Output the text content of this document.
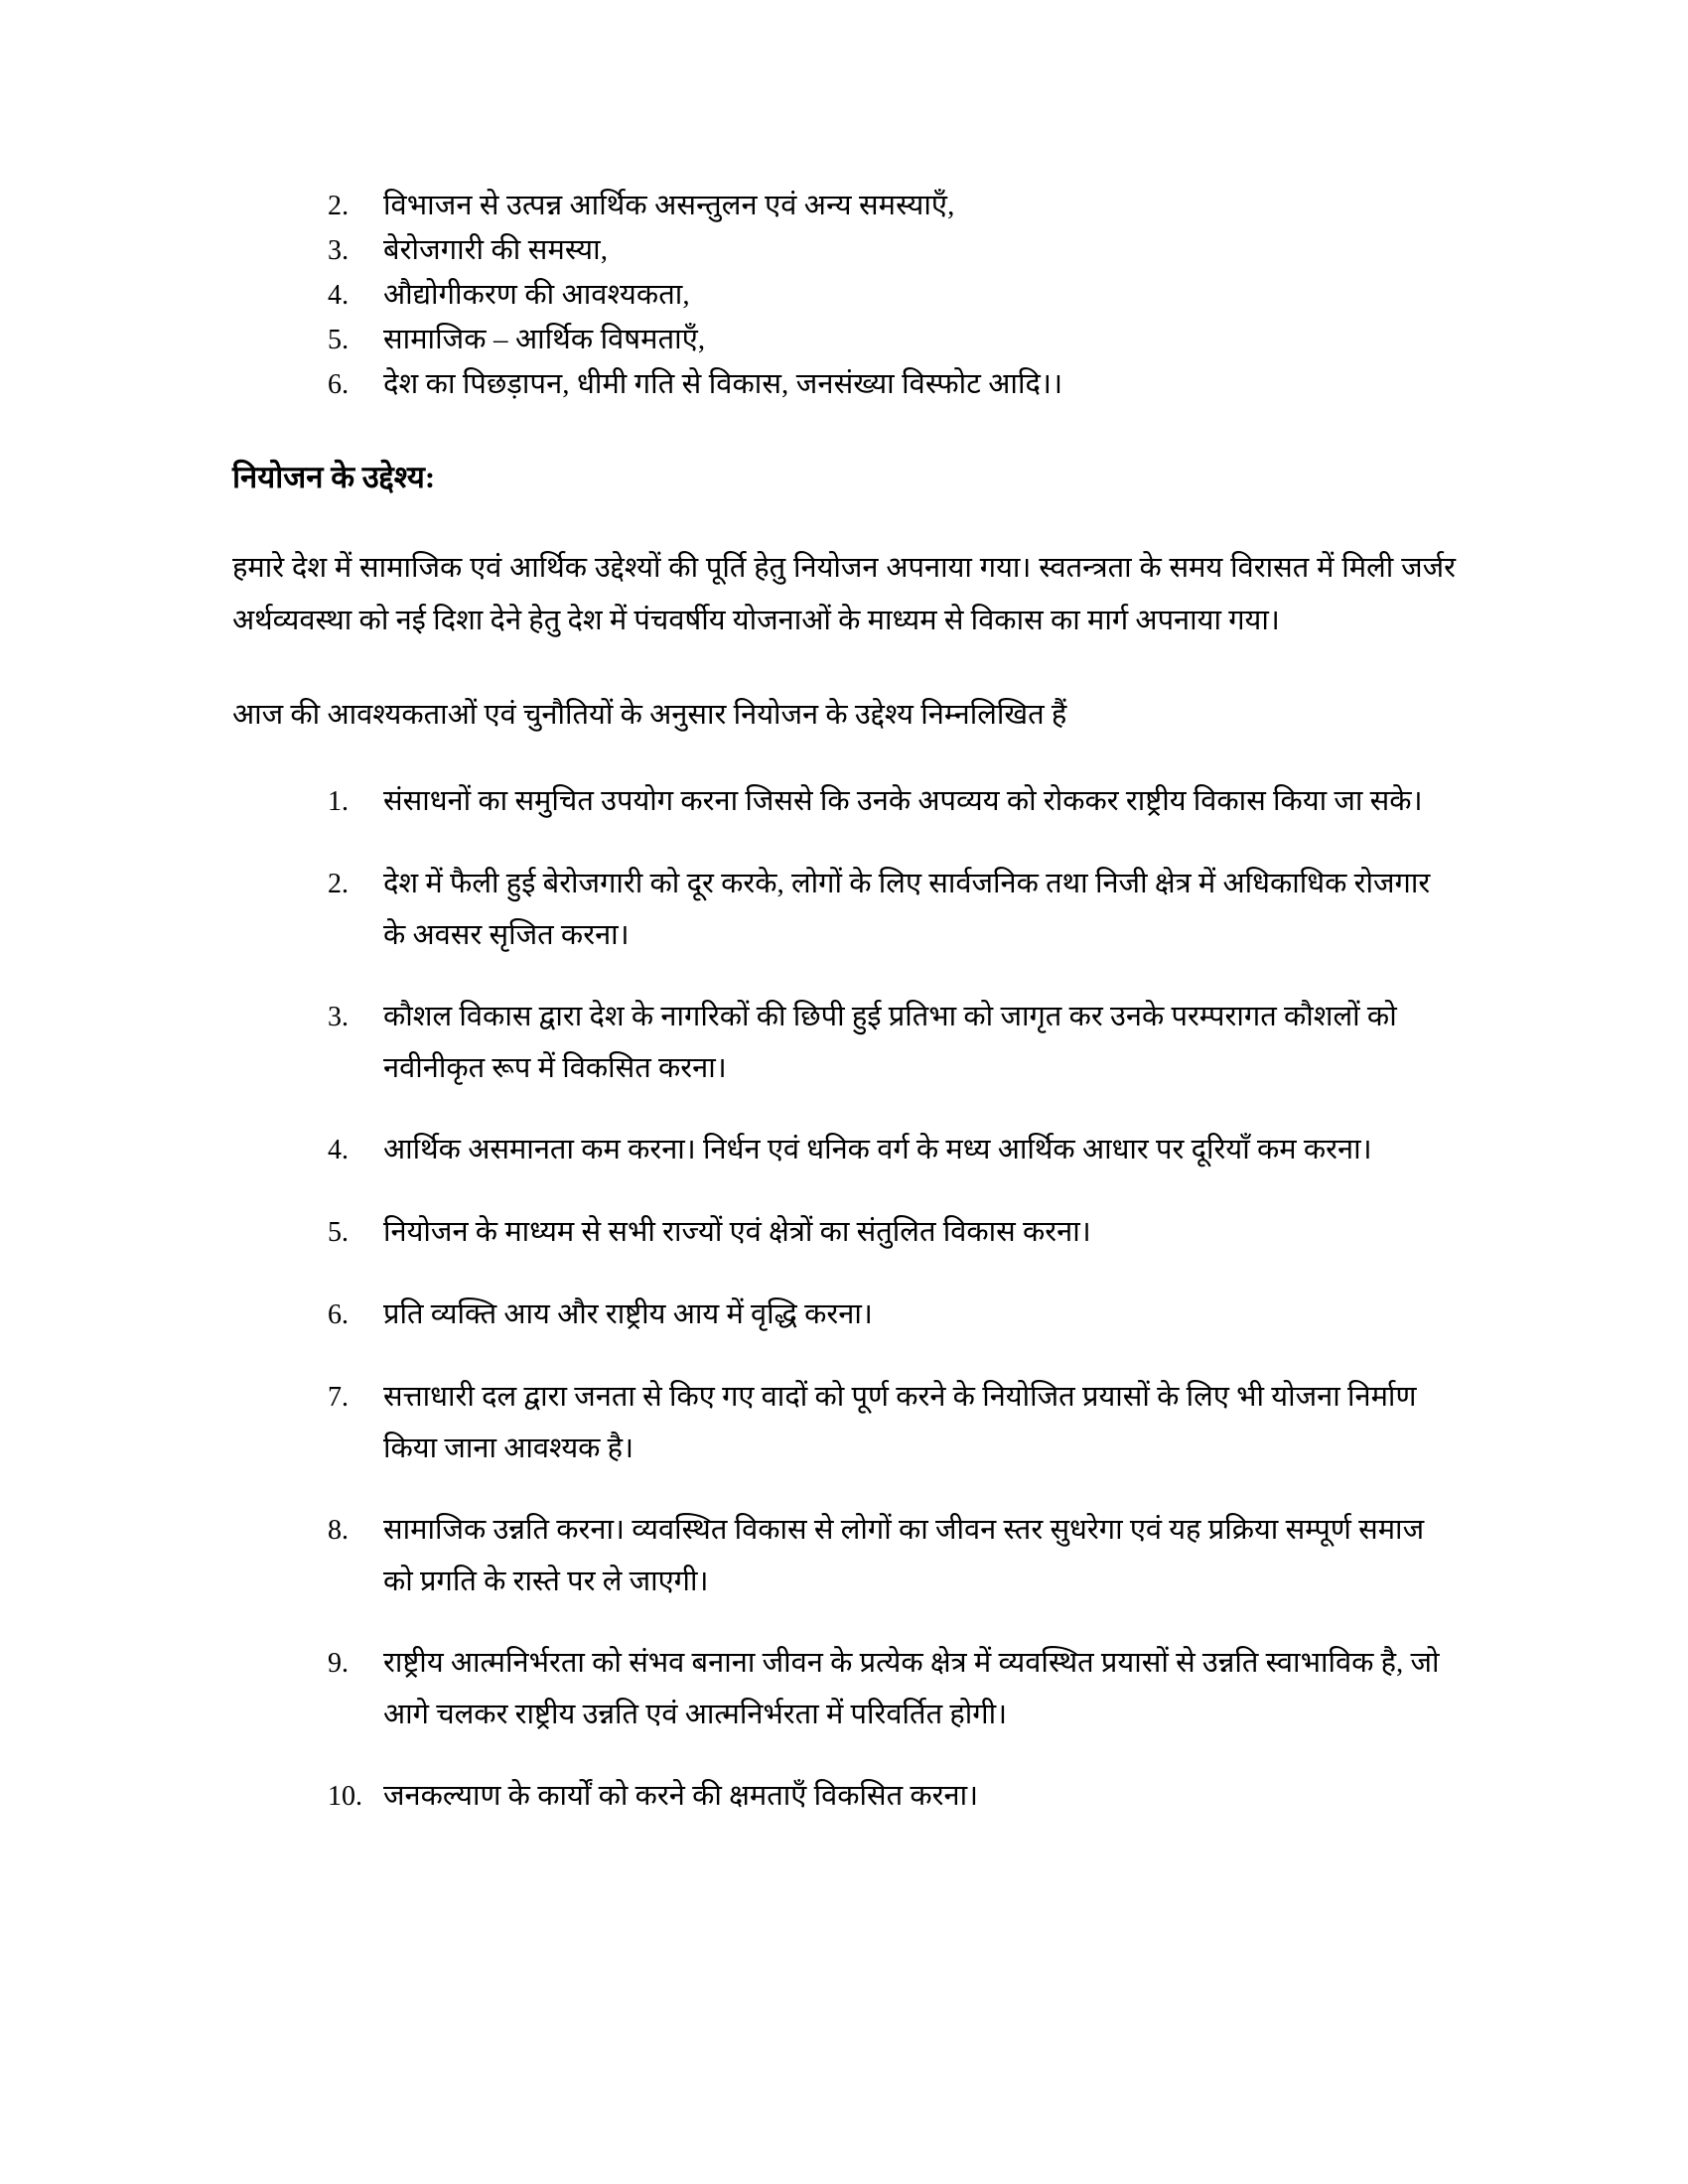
2.	विभाजन से उत्पन्न आर्थिक असन्तुलन एवं अन्य समस्याएँ,
3.	बेरोजगारी की समस्या,
4.	औद्योगीकरण की आवश्यकता,
5.	सामाजिक – आर्थिक विषमताएँ,
6.	देश का पिछड़ापन, धीमी गति से विकास, जनसंख्या विस्फोट आदि।।
नियोजन के उद्देश्य:

हमारे देश में सामाजिक एवं आर्थिक उद्देश्यों की पूर्ति हेतु नियोजन अपनाया गया। स्वतन्त्रता के समय विरासत में मिली जर्जर अर्थव्यवस्था को नई दिशा देने हेतु देश में पंचवर्षीय योजनाओं के माध्यम से विकास का मार्ग अपनाया गया।

आज की आवश्यकताओं एवं चुनौतियों के अनुसार नियोजन के उद्देश्य निम्नलिखित हैं

1.	संसाधनों का समुचित उपयोग करना जिससे कि उनके अपव्यय को रोककर राष्ट्रीय विकास किया जा सके।
2.	देश में फैली हुई बेरोजगारी को दूर करके, लोगों के लिए सार्वजनिक तथा निजी क्षेत्र में अधिकाधिक रोजगार के अवसर सृजित करना।
3.	कौशल विकास द्वारा देश के नागरिकों की छिपी हुई प्रतिभा को जागृत कर उनके परम्परागत कौशलों को नवीनीकृत रूप में विकसित करना।
4.	आर्थिक असमानता कम करना। निर्धन एवं धनिक वर्ग के मध्य आर्थिक आधार पर दूरियाँ कम करना।
5.	नियोजन के माध्यम से सभी राज्यों एवं क्षेत्रों का संतुलित विकास करना।
6.	प्रति व्यक्ति आय और राष्ट्रीय आय में वृद्धि करना।
7.	सत्ताधारी दल द्वारा जनता से किए गए वादों को पूर्ण करने के नियोजित प्रयासों के लिए भी योजना निर्माण किया जाना आवश्यक है।
8.	सामाजिक उन्नति करना। व्यवस्थित विकास से लोगों का जीवन स्तर सुधरेगा एवं यह प्रक्रिया सम्पूर्ण समाज को प्रगति के रास्ते पर ले जाएगी।
9.	राष्ट्रीय आत्मनिर्भरता को संभव बनाना जीवन के प्रत्येक क्षेत्र में व्यवस्थित प्रयासों से उन्नति स्वाभाविक है, जो आगे चलकर राष्ट्रीय उन्नति एवं आत्मनिर्भरता में परिवर्तित होगी।
10. जनकल्याण के कार्यों को करने की क्षमताएँ विकसित करना।
